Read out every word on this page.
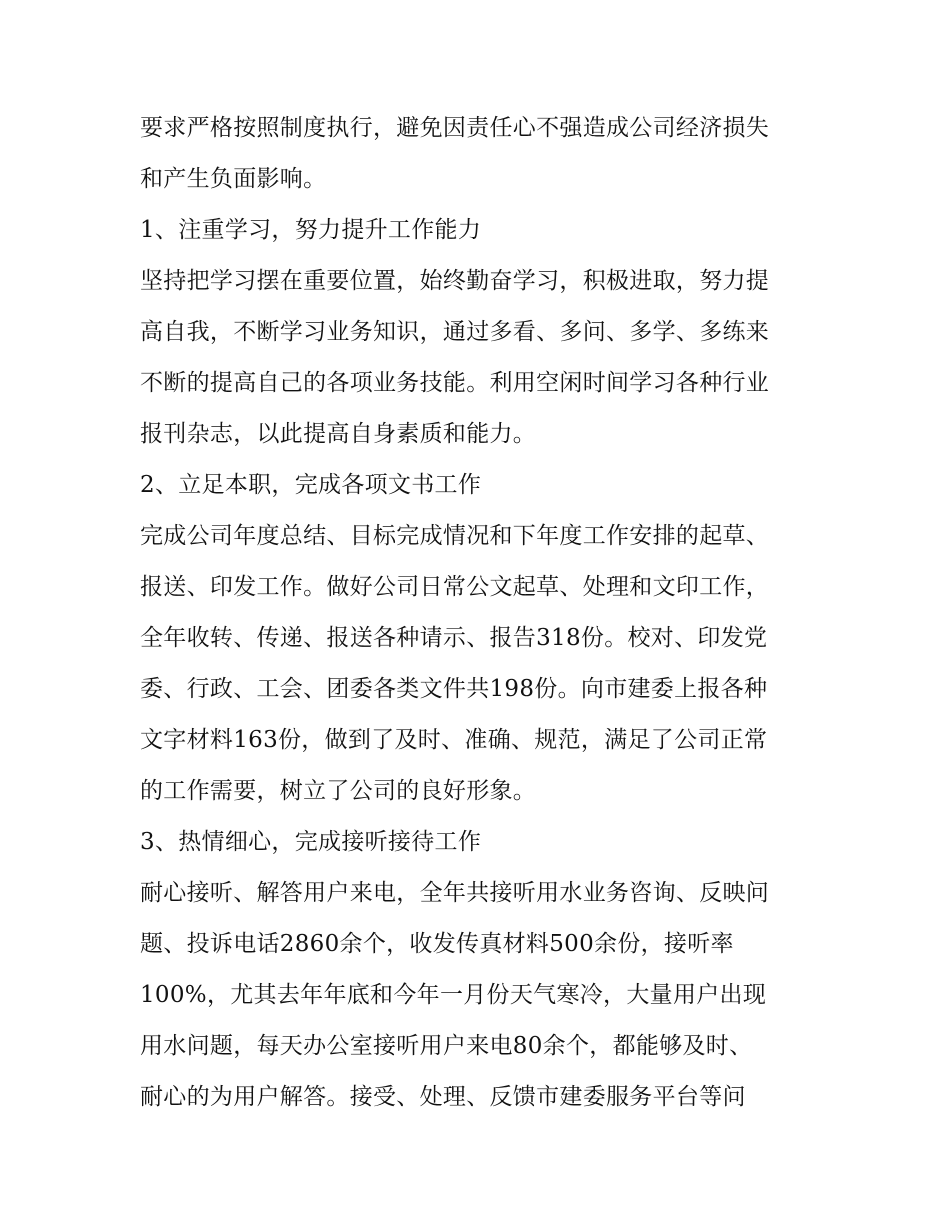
要求严格按照制度执行，避免因责任心不强造成公司经济损失
和产生负面影响。
1、注重学习，努力提升工作能力
坚持把学习摆在重要位置，始终勤奋学习，积极进取，努力提
高自我，不断学习业务知识，通过多看、多问、多学、多练来
不断的提高自己的各项业务技能。利用空闲时间学习各种行业
报刊杂志，以此提高自身素质和能力。
2、立足本职，完成各项文书工作
完成公司年度总结、目标完成情况和下年度工作安排的起草、
报送、印发工作。做好公司日常公文起草、处理和文印工作，
全年收转、传递、报送各种请示、报告318份。校对、印发党
委、行政、工会、团委各类文件共198份。向市建委上报各种
文字材料163份，做到了及时、准确、规范，满足了公司正常
的工作需要，树立了公司的良好形象。
3、热情细心，完成接听接待工作
耐心接听、解答用户来电，全年共接听用水业务咨询、反映问
题、投诉电话2860余个，收发传真材料500余份，接听率
100%，尤其去年年底和今年一月份天气寒冷，大量用户出现
用水问题，每天办公室接听用户来电80余个，都能够及时、
耐心的为用户解答。接受、处理、反馈市建委服务平台等问
